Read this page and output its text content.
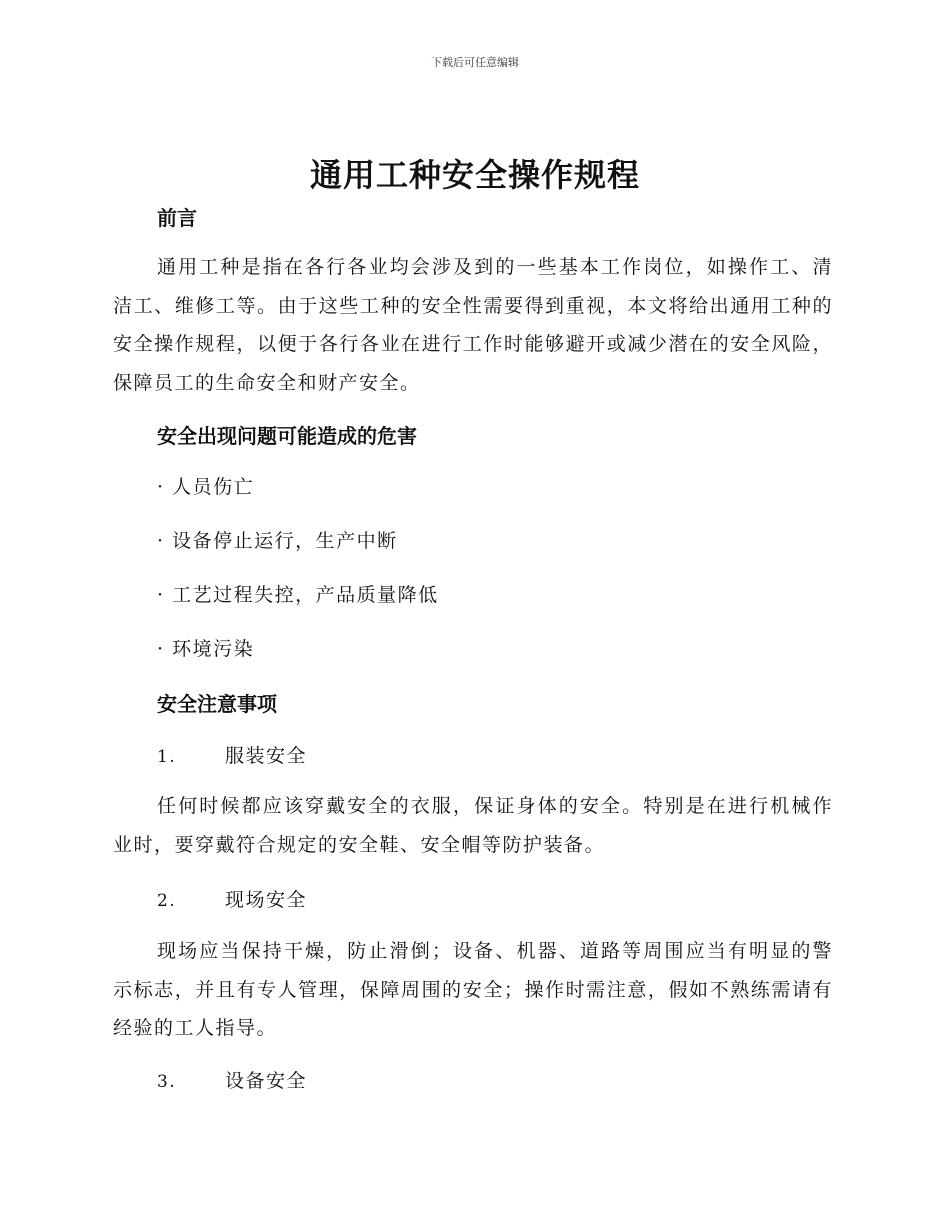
下载后可任意编辑
通用工种安全操作规程
前言

通用工种是指在各行各业均会涉及到的一些基本工作岗位，如操作工、清洁工、维修工等。由于这些工种的安全性需要得到重视，本文将给出通用工种的安全操作规程，以便于各行各业在进行工作时能够避开或减少潜在的安全风险，保障员工的生命安全和财产安全。

安全出现问题可能造成的危害
· 人员伤亡
· 设备停止运行，生产中断
· 工艺过程失控，产品质量降低
· 环境污染
安全注意事项
1.	服装安全

任何时候都应该穿戴安全的衣服，保证身体的安全。特别是在进行机械作业时，要穿戴符合规定的安全鞋、安全帽等防护装备。

2.	现场安全

现场应当保持干燥，防止滑倒；设备、机器、道路等周围应当有明显的警示标志，并且有专人管理，保障周围的安全；操作时需注意，假如不熟练需请有经验的工人指导。

3.	设备安全
